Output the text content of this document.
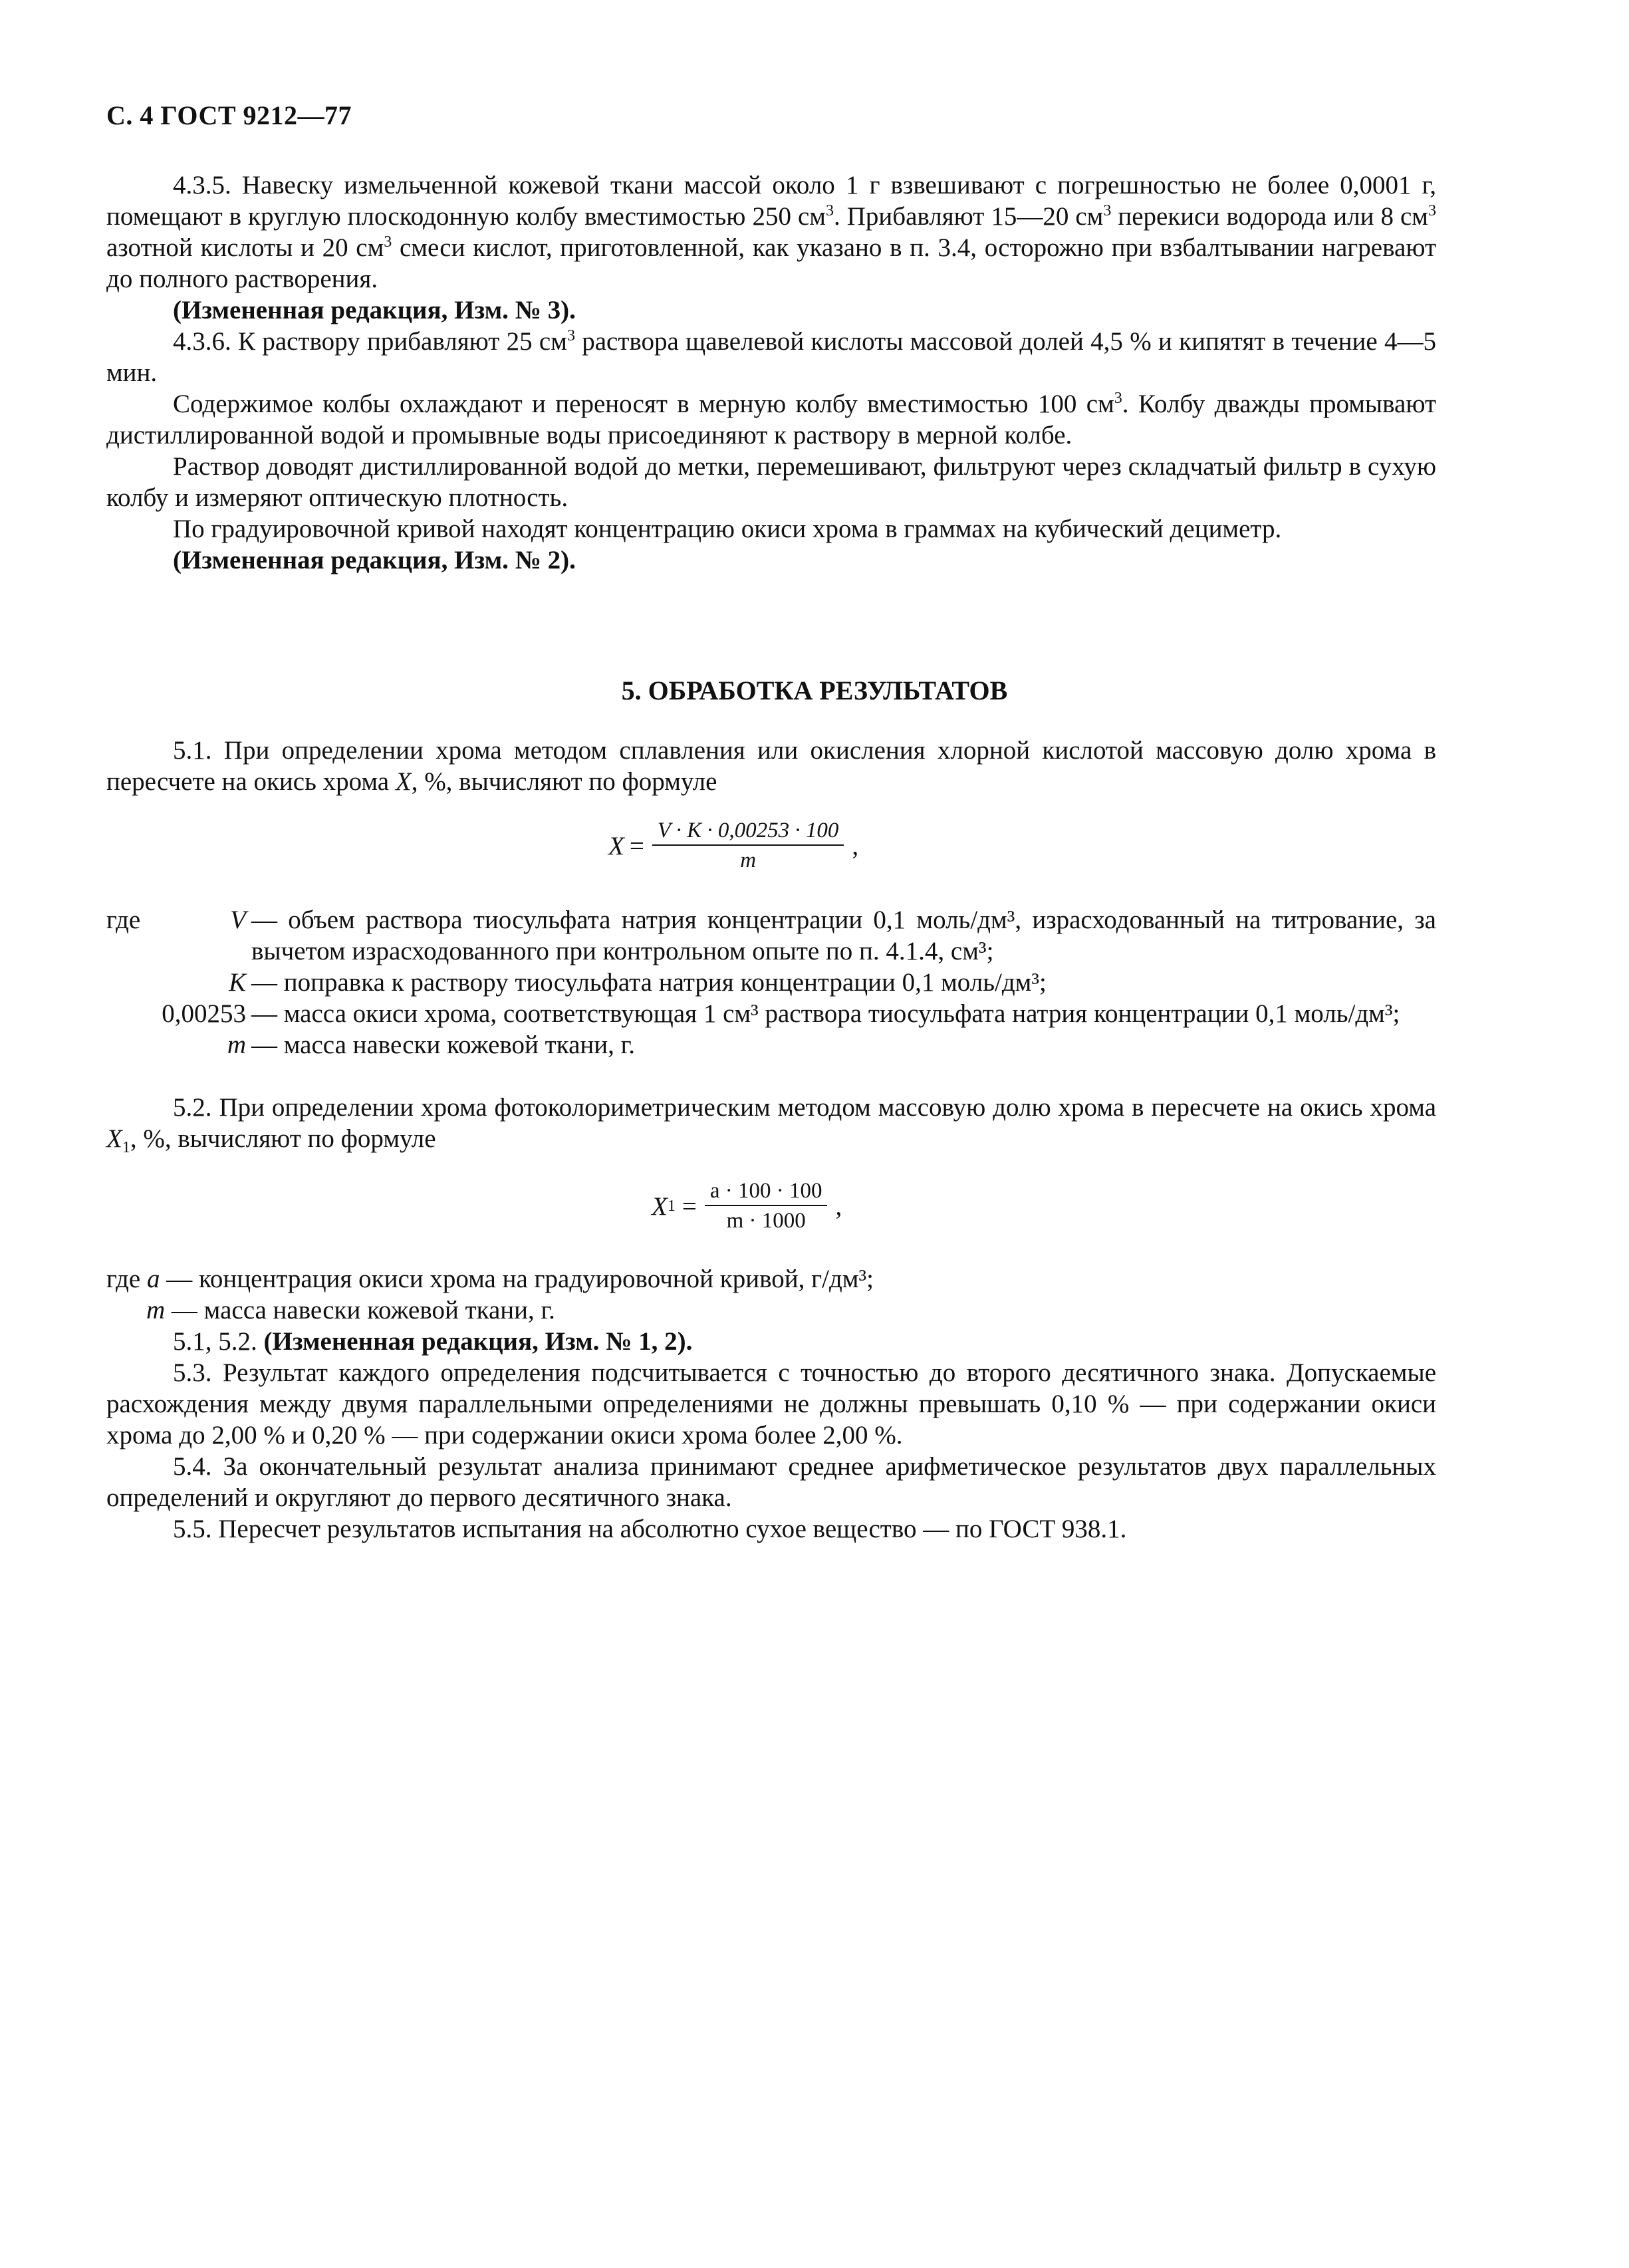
С. 4 ГОСТ 9212—77

4.3.5. Навеску измельченной кожевой ткани массой около 1 г взвешивают с погрешностью не более 0,0001 г, помещают в круглую плоскодонную колбу вместимостью 250 $см^3$. Прибавляют 15—20 $см^3$ перекиси водорода или 8 $см^3$ азотной кислоты и 20 $см^3$ смеси кислот, приготовленной, как указано в п. 3.4, осторожно при взбалтывании нагревают до полного растворения.

(Измененная редакция, Изм. № 3).

4.3.6. К раствору прибавляют 25 $см^3$ раствора щавелевой кислоты массовой долей 4,5 % и кипятят в течение 4—5 мин.

Содержимое колбы охлаждают и переносят в мерную колбу вместимостью 100 $см^3$. Колбу дважды промывают дистиллированной водой и промывные воды присоединяют к раствору в мерной колбе.

Раствор доводят дистиллированной водой до метки, перемешивают, фильтруют через складчатый фильтр в сухую колбу и измеряют оптическую плотность.

По градуировочной кривой находят концентрацию окиси хрома в граммах на кубический дециметр.

(Измененная редакция, Изм. № 2).

5. ОБРАБОТКА РЕЗУЛЬТАТОВ

5.1. При определении хрома методом сплавления или окисления хлорной кислотой массовую долю хрома в пересчете на окись хрома X, %, вычисляют по формуле

$X = \frac{V \cdot K \cdot 0,00253 \cdot 100}{m}$ ,
где	V — объем раствора тиосульфата натрия концентрации 0,1 моль/дм³, израсходованный на титрование, за вычетом израсходованного при контрольном опыте по п. 4.1.4, см³;
K — поправка к раствору тиосульфата натрия концентрации 0,1 моль/дм³;
0,00253 — масса окиси хрома, соответствующая 1 см³ раствора тиосульфата натрия концентрации 0,1 моль/дм³;
m — масса навески кожевой ткани, г.

5.2. При определении хрома фотоколориметрическим методом массовую долю хрома в пересчете на окись хрома $X_1$, %, вычисляют по формуле

X $1 = \frac{a \cdot 100 \cdot 100}{m \cdot 1000}$ ,

где a — концентрация окиси хрома на градуировочной кривой, г/дм³;

m — масса навески кожевой ткани, г.

5.1, 5.2. (Измененная редакция, Изм. № 1, 2).

5.3. Результат каждого определения подсчитывается с точностью до второго десятичного знака. Допускаемые расхождения между двумя параллельными определениями не должны превышать 0,10 % — при содержании окиси хрома до 2,00 % и 0,20 % — при содержании окиси хрома более 2,00 %.

5.4. За окончательный результат анализа принимают среднее арифметическое результатов двух параллельных определений и округляют до первого десятичного знака.

5.5. Пересчет результатов испытания на абсолютно сухое вещество — по ГОСТ 938.1.
